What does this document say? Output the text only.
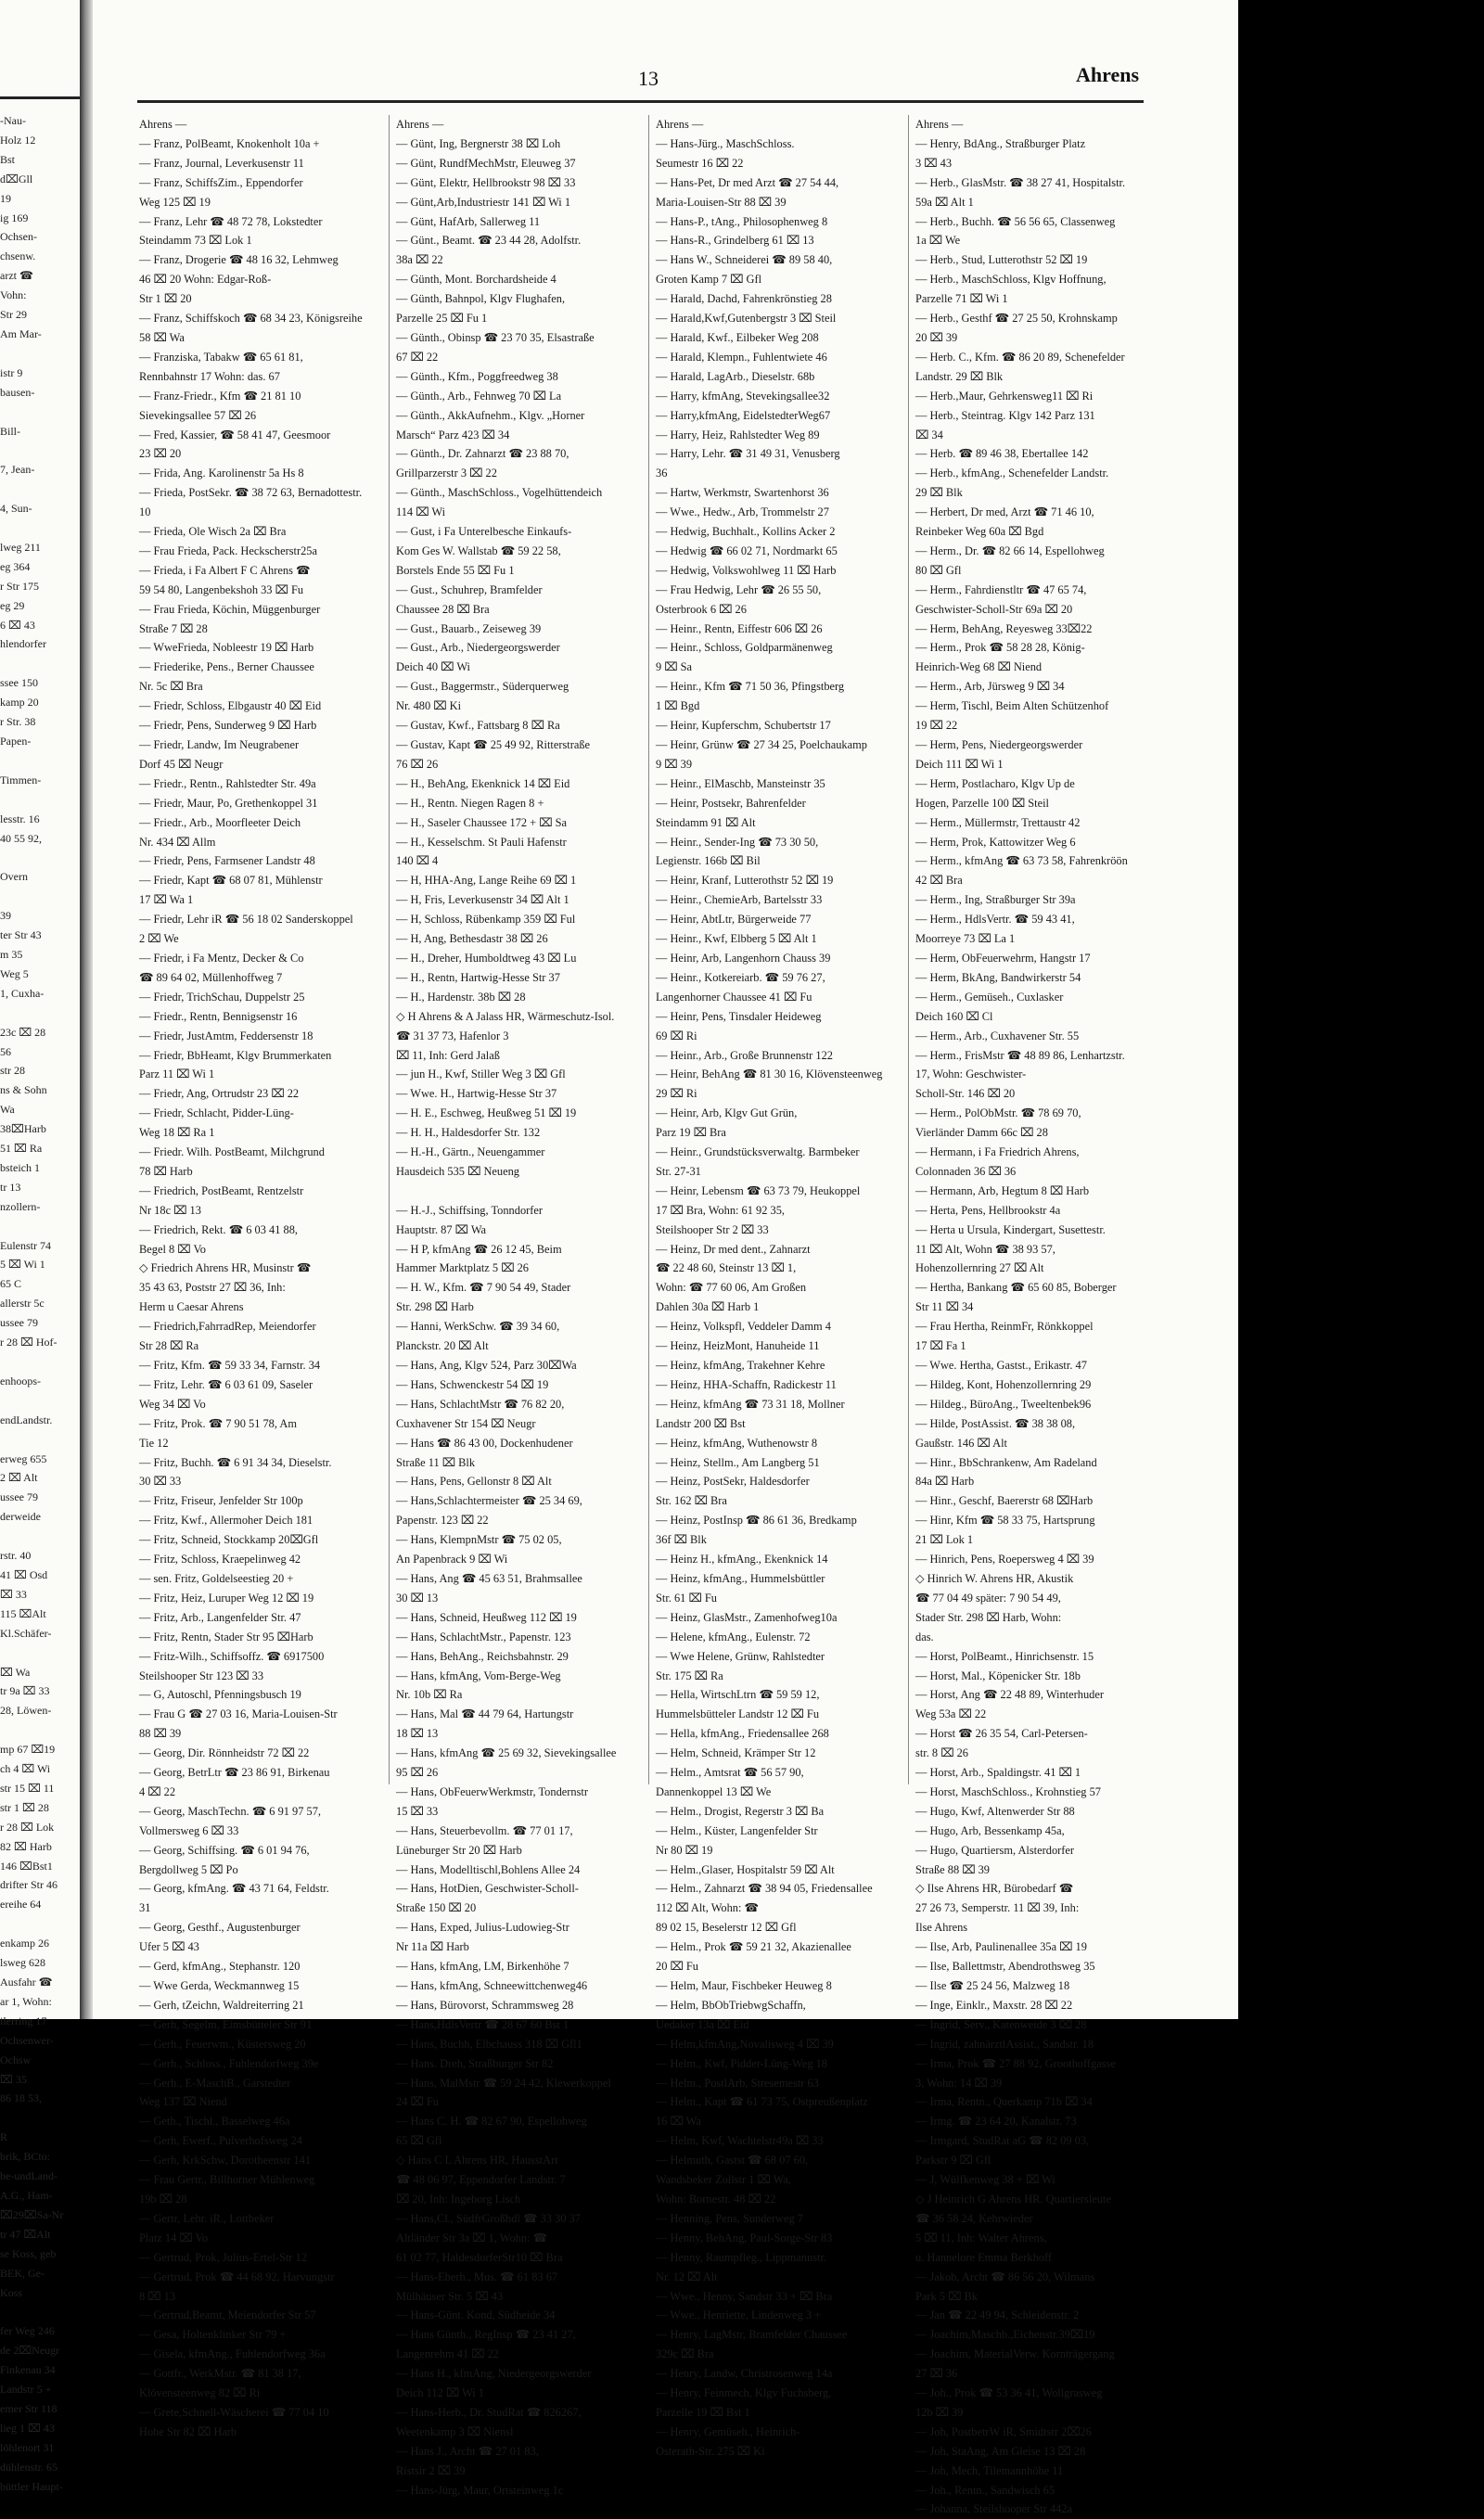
-Nau-
Holz 12
Bst
d⌧Gll
19
ig 169
Ochsen-
chsenw.
arzt ☎
Vohn:
Str 29
Am Mar-

istr 9
bausen-

Bill-

7, Jean-

4, Sun-

lweg 211
eg 364
r Str 175
eg 29
6 ⌧ 43
hlendorfer

ssee 150
kamp 20
r Str. 38
Papen-

Timmen-

lesstr. 16
40 55 92,

Overn

39
ter Str 43
m 35
Weg 5
1, Cuxha-

23c ⌧ 28
56
str 28
ns & Sohn
Wa
38⌧Harb
51 ⌧ Ra
bsteich 1
tr 13
nzollern-

Eulenstr 74
5 ⌧ Wi 1
65 C
allerstr 5c
ussee 79
r 28 ⌧ Hof-

enhoops-

endLandstr.

erweg 655
2 ⌧ Alt
ussee 79
derweide

rstr. 40
41 ⌧ Osd
⌧ 33
115 ⌧Alt
Kl.Schäfer-

⌧ Wa
tr 9a ⌧ 33
28, Löwen-

mp 67 ⌧19
ch 4 ⌧ Wi
str 15 ⌧ 11
str 1 ⌧ 28
r 28 ⌧ Lok
82 ⌧ Harb
146 ⌧Bst1
drifter Str 46
ereihe 64

enkamp 26
lsweg 628
Ausfahr ☎
ar 1, Wohn:
ilerring 17
Ochsenwer-
Ochsw
⌧ 35
86 18 53,

R
brik, BCto:
be-undLand-
A.G., Ham-
⌧29⌧Sa-Nr
tr 47 ⌧Alt
se Koss, geb
BEK, Ge-
Koss

fer Weg 246
de 2⌧Neugr
Finkenau 34
Landstr 5 +
emer Str 118
lieg 1 ⌧ 43
löhlenort 31
dühlenstr. 65
büttler Haupt-
13	Ahrens
Ahrens —
— Franz, PolBeamt, Knokenholt 10a +
— Franz, Journal, Leverkusenstr 11
— Franz, SchiffsZim., Eppendorfer
Weg 125 ⌧ 19
— Franz, Lehr ☎ 48 72 78, Lokstedter
Steindamm 73 ⌧ Lok 1
— Franz, Drogerie ☎ 48 16 32, Lehmweg
46 ⌧ 20 Wohn: Edgar-Roß-
Str 1 ⌧ 20
— Franz, Schiffskoch ☎ 68 34 23, Königsreihe
58 ⌧ Wa
— Franziska, Tabakw ☎ 65 61 81,
Rennbahnstr 17 Wohn: das. 67
— Franz-Friedr., Kfm ☎ 21 81 10
Sievekingsallee 57 ⌧ 26
— Fred, Kassier, ☎ 58 41 47, Geesmoor
23 ⌧ 20
— Frida, Ang. Karolinenstr 5a Hs 8
— Frieda, PostSekr. ☎ 38 72 63, Bernadottestr.
10
— Frieda, Ole Wisch 2a ⌧ Bra
— Frau Frieda, Pack. Heckscherstr25a
— Frieda, i Fa Albert F C Ahrens ☎
59 54 80, Langenbekshoh 33 ⌧ Fu
— Frau Frieda, Köchin, Müggenburger
Straße 7 ⌧ 28
— WweFrieda, Nobleestr 19 ⌧ Harb
— Friederike, Pens., Berner Chaussee
Nr. 5c ⌧ Bra
— Friedr, Schloss, Elbgaustr 40 ⌧ Eid
— Friedr, Pens, Sunderweg 9 ⌧ Harb
— Friedr, Landw, Im Neugrabener
Dorf 45 ⌧ Neugr
— Friedr., Rentn., Rahlstedter Str. 49a
— Friedr, Maur, Po, Grethenkoppel 31
— Friedr., Arb., Moorfleeter Deich
Nr. 434 ⌧ Allm
— Friedr, Pens, Farmsener Landstr 48
— Friedr, Kapt ☎ 68 07 81, Mühlenstr
17 ⌧ Wa 1
— Friedr, Lehr iR ☎ 56 18 02 Sanderskoppel
2 ⌧ We
— Friedr, i Fa Mentz, Decker & Co
☎ 89 64 02, Müllenhoffweg 7
— Friedr, TrichSchau, Duppelstr 25
— Friedr., Rentn, Bennigsenstr 16
— Friedr, JustAmtm, Feddersenstr 18
— Friedr, BbHeamt, Klgv Brummerkaten
Parz 11 ⌧ Wi 1
— Friedr, Ang, Ortrudstr 23 ⌧ 22
— Friedr, Schlacht, Pidder-Lüng-
Weg 18 ⌧ Ra 1
— Friedr. Wilh. PostBeamt, Milchgrund
78 ⌧ Harb
— Friedrich, PostBeamt, Rentzelstr
Nr 18c ⌧ 13
— Friedrich, Rekt. ☎ 6 03 41 88,
Begel 8 ⌧ Vo
◇ Friedrich Ahrens HR, Musinstr ☎
35 43 63, Poststr 27 ⌧ 36, Inh:
Herm u Caesar Ahrens
— Friedrich,FahrradRep, Meiendorfer
Str 28 ⌧ Ra
— Fritz, Kfm. ☎ 59 33 34, Farnstr. 34
— Fritz, Lehr. ☎ 6 03 61 09, Saseler
Weg 34 ⌧ Vo
— Fritz, Prok. ☎ 7 90 51 78, Am
Tie 12
— Fritz, Buchh. ☎ 6 91 34 34, Dieselstr.
30 ⌧ 33
— Fritz, Friseur, Jenfelder Str 100p
— Fritz, Kwf., Allermoher Deich 181
— Fritz, Schneid, Stockkamp 20⌧Gfl
— Fritz, Schloss, Kraepelinweg 42
— sen. Fritz, Goldelseestieg 20 +
— Fritz, Heiz, Luruper Weg 12 ⌧ 19
— Fritz, Arb., Langenfelder Str. 47
— Fritz, Rentn, Stader Str 95 ⌧Harb
— Fritz-Wilh., Schiffsoffz. ☎ 6917500
Steilshooper Str 123 ⌧ 33
— G, Autoschl, Pfenningsbusch 19
— Frau G ☎ 27 03 16, Maria-Louisen-Str
88 ⌧ 39
— Georg, Dir. Rönnheidstr 72 ⌧ 22
— Georg, BetrLtr ☎ 23 86 91, Birkenau
4 ⌧ 22
— Georg, MaschTechn. ☎ 6 91 97 57,
Vollmersweg 6 ⌧ 33
— Georg, Schiffsing. ☎ 6 01 94 76,
Bergdollweg 5 ⌧ Po
— Georg, kfmAng. ☎ 43 71 64, Feldstr.
31
— Georg, Gesthf., Augustenburger
Ufer 5 ⌧ 43
— Gerd, kfmAng., Stephanstr. 120
— Wwe Gerda, Weckmannweg 15
— Gerh, tZeichn, Waldreiterring 21
— Gerh, Segelm, Eimsbütteler Str 91
— Gerh., Feuerwm., Küstersweg 20
— Gerh., Schloss., Fuhlendorfweg 39e
— Gerh., E-MaschB., Garstedter
Weg 137 ⌧ Niend
— Geth., Tischl., Basselweg 46a
— Gerh, Ewerf., Pulverhofsweg 24
— Gerh, KrkSchw, Dorotheenstr 141
— Frau Gertr., Billhorner Mühlenweg
19b ⌧ 28
— Gertr, Lehr. iR., Lottbeker
Platz 14 ⌧ Vo
— Gertrud, Prok, Julius-Ertel-Str 12
— Gertrud, Prok ☎ 44 68 92, Harvungstr
8 ⌧ 13
— Gertrud,Beamt, Meiendorfer Str 57
— Gesa, Holtenklinker Str 79 +
— Gisela, kfmAng., Fuhlendorfweg 36a
— Gottfr., WerkMstr. ☎ 81 38 17,
Klövensteenweg 82 ⌧ Ri
— Grete,Schnell-Wäscherei ☎ 77 04 10
Hohe Str 82 ⌧ Harb
Ahrens —
— Günt, Ing, Bergnerstr 38 ⌧ Loh
— Günt, RundfMechMstr, Eleuweg 37
— Günt, Elektr, Hellbrookstr 98 ⌧ 33
— Günt,Arb,Industriestr 141 ⌧ Wi 1
— Günt, HafArb, Sallerweg 11
— Günt., Beamt. ☎ 23 44 28, Adolfstr.
38a ⌧ 22
— Günth, Mont. Borchardsheide 4
— Günth, Bahnpol, Klgv Flughafen,
Parzelle 25 ⌧ Fu 1
— Günth., Obinsp ☎ 23 70 35, Elsastraße
67 ⌧ 22
— Günth., Kfm., Poggfreedweg 38
— Günth., Arb., Fehnweg 70 ⌧ La
— Günth., AkkAufnehm., Klgv. „Horner
Marsch“ Parz 423 ⌧ 34
— Günth., Dr. Zahnarzt ☎ 23 88 70,
Grillparzerstr 3 ⌧ 22
— Günth., MaschSchloss., Vogelhüttendeich
114 ⌧ Wi
— Gust, i Fa Unterelbesche Einkaufs-
Kom Ges W. Wallstab ☎ 59 22 58,
Borstels Ende 55 ⌧ Fu 1
— Gust., Schuhrep, Bramfelder
Chaussee 28 ⌧ Bra
— Gust., Bauarb., Zeiseweg 39
— Gust., Arb., Niedergeorgswerder
Deich 40 ⌧ Wi
— Gust., Baggermstr., Süderquerweg
Nr. 480 ⌧ Ki
— Gustav, Kwf., Fattsbarg 8 ⌧ Ra
— Gustav, Kapt ☎ 25 49 92, Ritterstraße
76 ⌧ 26
— H., BehAng, Ekenknick 14 ⌧ Eid
— H., Rentn. Niegen Ragen 8 +
— H., Saseler Chaussee 172 + ⌧ Sa
— H., Kesselschm. St Pauli Hafenstr
140 ⌧ 4
— H, HHA-Ang, Lange Reihe 69 ⌧ 1
— H, Fris, Leverkusenstr 34 ⌧ Alt 1
— H, Schloss, Rübenkamp 359 ⌧ Ful
— H, Ang, Bethesdastr 38 ⌧ 26
— H., Dreher, Humboldtweg 43 ⌧ Lu
— H., Rentn, Hartwig-Hesse Str 37
— H., Hardenstr. 38b ⌧ 28
◇ H Ahrens & A Jalass HR, Wärmeschutz-Isol.
☎ 31 37 73, Hafenlor 3
⌧ 11, Inh: Gerd Jalaß
— jun H., Kwf, Stiller Weg 3 ⌧ Gfl
— Wwe. H., Hartwig-Hesse Str 37
— H. E., Eschweg, Heußweg 51 ⌧ 19
— H. H., Haldesdorfer Str. 132
— H.-H., Gärtn., Neuengammer
Hausdeich 535 ⌧ Neueng

— H.-J., Schiffsing, Tonndorfer
Hauptstr. 87 ⌧ Wa
— H P, kfmAng ☎ 26 12 45, Beim
Hammer Marktplatz 5 ⌧ 26
— H. W., Kfm. ☎ 7 90 54 49, Stader
Str. 298 ⌧ Harb
— Hanni, WerkSchw. ☎ 39 34 60,
Planckstr. 20 ⌧ Alt
— Hans, Ang, Klgv 524, Parz 30⌧Wa
— Hans, Schwenckestr 54 ⌧ 19
— Hans, SchlachtMstr ☎ 76 82 20,
Cuxhavener Str 154 ⌧ Neugr
— Hans ☎ 86 43 00, Dockenhudener
Straße 11 ⌧ Blk
— Hans, Pens, Gellonstr 8 ⌧ Alt
— Hans,Schlachtermeister ☎ 25 34 69,
Papenstr. 123 ⌧ 22
— Hans, KlempnMstr ☎ 75 02 05,
An Papenbrack 9 ⌧ Wi
— Hans, Ang ☎ 45 63 51, Brahmsallee
30 ⌧ 13
— Hans, Schneid, Heußweg 112 ⌧ 19
— Hans, SchlachtMstr., Papenstr. 123
— Hans, BehAng., Reichsbahnstr. 29
— Hans, kfmAng, Vom-Berge-Weg
Nr. 10b ⌧ Ra
— Hans, Mal ☎ 44 79 64, Hartungstr
18 ⌧ 13
— Hans, kfmAng ☎ 25 69 32, Sievekingsallee
95 ⌧ 26
— Hans, ObFeuerwWerkmstr, Tondernstr
15 ⌧ 33
— Hans, Steuerbevollm. ☎ 77 01 17,
Lüneburger Str 20 ⌧ Harb
— Hans, Modelltischl,Bohlens Allee 24
— Hans, HotDien, Geschwister-Scholl-
Straße 150 ⌧ 20
— Hans, Exped, Julius-Ludowieg-Str
Nr 11a ⌧ Harb
— Hans, kfmAng, LM, Birkenhöhe 7
— Hans, kfmAng, Schneewittchenweg46
— Hans, Bürovorst, Schrammsweg 28
— Hans,HdlsVertr ☎ 28 67 60 Bst 1
— Hans, Buchh, Elbchauss 318 ⌧ Gfl1
— Hans. Dreh, Straßburger Str 82
— Hans, MalMstr ☎ 59 24 42, Klewerkoppel
24 ⌧ Fu
— Hans C. H. ☎ 82 67 90, Espellohweg
65 ⌧ Gfl
◇ Hans C L Ahrens HR, HausstArt
☎ 48 06 97, Eppendorfer Landstr. 7
⌧ 20, Inh: Ingeborg Lisch
— Hans,Cl., SüdfrGroßhdl ☎ 33 30 37
Altländer Str 3a ⌧ 1, Wohn: ☎
61 02 77, HaldesdorferStr10 ⌧ Bra
— Hans-Eberh., Mus. ☎ 61 83 67
Mülhäuser Str. 5 ⌧ 43
— Hans-Günt. Kond, Südheide 34
— Hans Günth., RegInsp ☎ 23 41 27,
Langenrehm 41 ⌧ 22
— Hans H., kfmAng, Niedergeorgswerder
Deich 112 ⌧ Wi 1
— Hans-Herb., Dr. StudRat ☎ 826267,
Weetenkamp 3 ⌧ Niensl
— Hans J., Archt ☎ 27 01 83,
Ristsir 2 ⌧ 39
— Hans-Jürg, Maur, Ortsteinweg 1c
Ahrens —
— Hans-Jürg., MaschSchloss.
Seumestr 16 ⌧ 22
— Hans-Pet, Dr med Arzt ☎ 27 54 44,
Maria-Louisen-Str 88 ⌧ 39
— Hans-P., tAng., Philosophenweg 8
— Hans-R., Grindelberg 61 ⌧ 13
— Hans W., Schneiderei ☎ 89 58 40,
Groten Kamp 7 ⌧ Gfl
— Harald, Dachd, Fahrenkrönstieg 28
— Harald,Kwf,Gutenbergstr 3 ⌧ Steil
— Harald, Kwf., Eilbeker Weg 208
— Harald, Klempn., Fuhlentwiete 46
— Harald, LagArb., Dieselstr. 68b
— Harry, kfmAng, Stevekingsallee32
— Harry,kfmAng, EidelstedterWeg67
— Harry, Heiz, Rahlstedter Weg 89
— Harry, Lehr. ☎ 31 49 31, Venusberg
36
— Hartw, Werkmstr, Swartenhorst 36
— Wwe., Hedw., Arb, Trommelstr 27
— Hedwig, Buchhalt., Kollins Acker 2
— Hedwig ☎ 66 02 71, Nordmarkt 65
— Hedwig, Volkswohlweg 11 ⌧ Harb
— Frau Hedwig, Lehr ☎ 26 55 50,
Osterbrook 6 ⌧ 26
— Heinr., Rentn, Eiffestr 606 ⌧ 26
— Heinr., Schloss, Goldparmänenweg
9 ⌧ Sa
— Heinr., Kfm ☎ 71 50 36, Pfingstberg
1 ⌧ Bgd
— Heinr, Kupferschm, Schubertstr 17
— Heinr, Grünw ☎ 27 34 25, Poelchaukamp
9 ⌧ 39
— Heinr., ElMaschb, Mansteinstr 35
— Heinr, Postsekr, Bahrenfelder
Steindamm 91 ⌧ Alt
— Heinr., Sender-Ing ☎ 73 30 50,
Legienstr. 166b ⌧ Bil
— Heinr, Kranf, Lutterothstr 52 ⌧ 19
— Heinr., ChemieArb, Bartelsstr 33
— Heinr, AbtLtr, Bürgerweide 77
— Heinr., Kwf, Elbberg 5 ⌧ Alt 1
— Heinr, Arb, Langenhorn Chauss 39
— Heinr., Kotkereiarb. ☎ 59 76 27,
Langenhorner Chaussee 41 ⌧ Fu
— Heinr, Pens, Tinsdaler Heideweg
69 ⌧ Ri
— Heinr., Arb., Große Brunnenstr 122
— Heinr, BehAng ☎ 81 30 16, Klövensteenweg
29 ⌧ Ri
— Heinr, Arb, Klgv Gut Grün,
Parz 19 ⌧ Bra
— Heinr., Grundstücksverwaltg. Barmbeker
Str. 27-31
— Heinr, Lebensm ☎ 63 73 79, Heukoppel
17 ⌧ Bra, Wohn: 61 92 35,
Steilshooper Str 2 ⌧ 33
— Heinz, Dr med dent., Zahnarzt
☎ 22 48 60, Steinstr 13 ⌧ 1,
Wohn: ☎ 77 60 06, Am Großen
Dahlen 30a ⌧ Harb 1
— Heinz, Volkspfl, Veddeler Damm 4
— Heinz, HeizMont, Hanuheide 11
— Heinz, kfmAng, Trakehner Kehre
— Heinz, HHA-Schaffn, Radickestr 11
— Heinz, kfmAng ☎ 73 31 18, Mollner
Landstr 200 ⌧ Bst
— Heinz, kfmAng, Wuthenowstr 8
— Heinz, Stellm., Am Langberg 51
— Heinz, PostSekr, Haldesdorfer
Str. 162 ⌧ Bra
— Heinz, PostInsp ☎ 86 61 36, Bredkamp
36f ⌧ Blk
— Heinz H., kfmAng., Ekenknick 14
— Heinz, kfmAng., Hummelsbüttler
Str. 61 ⌧ Fu
— Heinz, GlasMstr., Zamenhofweg10a
— Helene, kfmAng., Eulenstr. 72
— Wwe Helene, Grünw, Rahlstedter
Str. 175 ⌧ Ra
— Hella, WirtschLtrn ☎ 59 59 12,
Hummelsbütteler Landstr 12 ⌧ Fu
— Hella, kfmAng., Friedensallee 268
— Helm, Schneid, Krämper Str 12
— Helm., Amtsrat ☎ 56 57 90,
Dannenkoppel 13 ⌧ We
— Helm., Drogist, Regerstr 3 ⌧ Ba
— Helm., Küster, Langenfelder Str
Nr 80 ⌧ 19
— Helm.,Glaser, Hospitalstr 59 ⌧ Alt
— Helm., Zahnarzt ☎ 38 94 05, Friedensallee
112 ⌧ Alt, Wohn: ☎
89 02 15, Beselerstr 12 ⌧ Gfl
— Helm., Prok ☎ 59 21 32, Akazienallee
20 ⌧ Fu
— Helm, Maur, Fischbeker Heuweg 8
— Helm, BbObTriebwgSchaffn,
Uedaker 13a ⌧ Eid
— Helm,kfmAng,Novalisweg 4 ⌧ 39
— Helm., Kwf, Pidder-Lüng-Weg 18
— Helm., PostlArb, Stresemestr 63
— Helm., Kapt ☎ 61 73 75, Ostpreußenplatz
16 ⌧ Wa
— Helm, Kwf, Wachtelstr49a ⌧ 33
— Helmuth, Gastst ☎ 68 07 60,
Wandsbeker Zollstr 1 ⌧ Wa,
Wohn: Bornestr. 48 ⌧ 22
— Henning, Pens, Sunderweg 7
— Henny, BehAng, Paul-Sorge-Str 83
— Henny, Raumpfleg., Lippmannstr.
Nr. 12 ⌧ Alt
— Wwe., Henny, Sandstr 33 + ⌧ Bra
— Wwe., Henriette, Lindenweg 3 +
— Henry, LagMstr, Bramfelder Chaussee
329c ⌧ Bra
— Henry, Landw, Christrosenweg 14a
— Henry, Feinmech, Klgv Fuchsberg,
Parzelle 19 ⌧ Bst 1
— Henry, Gemüseh., Heinrich-
Osterath-Str. 275 ⌧ Ki
Ahrens —
— Henry, BdAng., Straßburger Platz
3 ⌧ 43
— Herb., GlasMstr. ☎ 38 27 41, Hospitalstr.
59a ⌧ Alt 1
— Herb., Buchh. ☎ 56 56 65, Classenweg
1a ⌧ We
— Herb., Stud, Lutterothstr 52 ⌧ 19
— Herb., MaschSchloss, Klgv Hoffnung,
Parzelle 71 ⌧ Wi 1
— Herb., Gesthf ☎ 27 25 50, Krohnskamp
20 ⌧ 39
— Herb. C., Kfm. ☎ 86 20 89, Schenefelder
Landstr. 29 ⌧ Blk
— Herb.,Maur, Gehrkensweg11 ⌧ Ri
— Herb., Steintrag. Klgv 142 Parz 131
⌧ 34
— Herb. ☎ 89 46 38, Ebertallee 142
— Herb., kfmAng., Schenefelder Landstr.
29 ⌧ Blk
— Herbert, Dr med, Arzt ☎ 71 46 10,
Reinbeker Weg 60a ⌧ Bgd
— Herm., Dr. ☎ 82 66 14, Espellohweg
80 ⌧ Gfl
— Herm., Fahrdienstltr ☎ 47 65 74,
Geschwister-Scholl-Str 69a ⌧ 20
— Herm, BehAng, Reyesweg 33⌧22
— Herm., Prok ☎ 58 28 28, König-
Heinrich-Weg 68 ⌧ Niend
— Herm., Arb, Jürsweg 9 ⌧ 34
— Herm, Tischl, Beim Alten Schützenhof
19 ⌧ 22
— Herm, Pens, Niedergeorgswerder
Deich 111 ⌧ Wi 1
— Herm, Postlacharo, Klgv Up de
Hogen, Parzelle 100 ⌧ Steil
— Herm., Müllermstr, Trettaustr 42
— Herm, Prok, Kattowitzer Weg 6
— Herm., kfmAng ☎ 63 73 58, Fahrenkröön
42 ⌧ Bra
— Herm., Ing, Straßburger Str 39a
— Herm., HdlsVertr. ☎ 59 43 41,
Moorreye 73 ⌧ La 1
— Herm, ObFeuerwehrm, Hangstr 17
— Herm, BkAng, Bandwirkerstr 54
— Herm., Gemüseh., Cuxlasker
Deich 160 ⌧ Cl
— Herm., Arb., Cuxhavener Str. 55
— Herm., FrisMstr ☎ 48 89 86, Lenhartzstr.
17, Wohn: Geschwister-
Scholl-Str. 146 ⌧ 20
— Herm., PolObMstr. ☎ 78 69 70,
Vierländer Damm 66c ⌧ 28
— Hermann, i Fa Friedrich Ahrens,
Colonnaden 36 ⌧ 36
— Hermann, Arb, Hegtum 8 ⌧ Harb
— Herta, Pens, Hellbrookstr 4a
— Herta u Ursula, Kindergart, Susettestr.
11 ⌧ Alt, Wohn ☎ 38 93 57,
Hohenzollernring 27 ⌧ Alt
— Hertha, Bankang ☎ 65 60 85, Boberger
Str 11 ⌧ 34
— Frau Hertha, ReinmFr, Rönkkoppel
17 ⌧ Fa 1
— Wwe. Hertha, Gastst., Erikastr. 47
— Hildeg, Kont, Hohenzollernring 29
— Hildeg., BüroAng., Tweeltenbek96
— Hilde, PostAssist. ☎ 38 38 08,
Gaußstr. 146 ⌧ Alt
— Hinr., BbSchrankenw, Am Radeland
84a ⌧ Harb
— Hinr., Geschf, Baererstr 68 ⌧Harb
— Hinr, Kfm ☎ 58 33 75, Hartsprung
21 ⌧ Lok 1
— Hinrich, Pens, Roepersweg 4 ⌧ 39
◇ Hinrich W. Ahrens HR, Akustik
☎ 77 04 49 später: 7 90 54 49,
Stader Str. 298 ⌧ Harb, Wohn:
das.
— Horst, PolBeamt., Hinrichsenstr. 15
— Horst, Mal., Köpenicker Str. 18b
— Horst, Ang ☎ 22 48 89, Winterhuder
Weg 53a ⌧ 22
— Horst ☎ 26 35 54, Carl-Petersen-
str. 8 ⌧ 26
— Horst, Arb., Spaldingstr. 41 ⌧ 1
— Horst, MaschSchloss., Krohnstieg 57
— Hugo, Kwf, Altenwerder Str 88
— Hugo, Arb, Bessenkamp 45a,
— Hugo, Quartiersm, Alsterdorfer
Straße 88 ⌧ 39
◇ Ilse Ahrens HR, Bürobedarf ☎
27 26 73, Semperstr. 11 ⌧ 39, Inh:
Ilse Ahrens
— Ilse, Arb, Paulinenallee 35a ⌧ 19
— Ilse, Ballettmstr, Abendrothsweg 35
— Ilse ☎ 25 24 56, Malzweg 18
— Inge, Einklr., Maxstr. 28 ⌧ 22
— Ingrid, Serv., Katenweide 3 ⌧ 28
— Ingrid, zahnärztlAssist., Sandstr. 18
— Irma, Prok ☎ 27 88 92, Groothoffgasse
3, Wohn: 14 ⌧ 39
— Irma, Rentn., Querkamp 71b ⌧ 34
— Irmg. ☎ 23 64 20, Kanalstr. 73
— Irmgard, StudRat aG ☎ 82 09 03,
Parkstr 9 ⌧ Gfl
— J, Wülfkenweg 38 + ⌧ Wi
◇ J Heinrich G Ahrens HR. Quartiersleute
☎ 36 58 24, Kehrwieder
5 ⌧ 11, Inh: Walter Ahrens,
u. Hannelore Emma Berkhoff
— Jakob, Archt ☎ 86 56 20, Wilmans
Park 5 ⌧ Bk
— Jan ☎ 22 49 94, Schleidenstr. 2
— Joachim,Maschb.,Eichenstr.39⌧19
— Joachim, MaterialVerw. Kornträgergang
27 ⌧ 36
— Joh., Prok ☎ 53 36 41, Wollgrasweg
12b ⌧ 39
— Joh, PostbetrW iR, Smidtstr 2⌧26
— Joh, StaAng, Am Gleise 13 ⌧ 28
— Joh, Mech, Tilemannhöhe 11
— Joh., Rentn., Sandwisch 65
— Johanna, Steilshooper Str 442a
